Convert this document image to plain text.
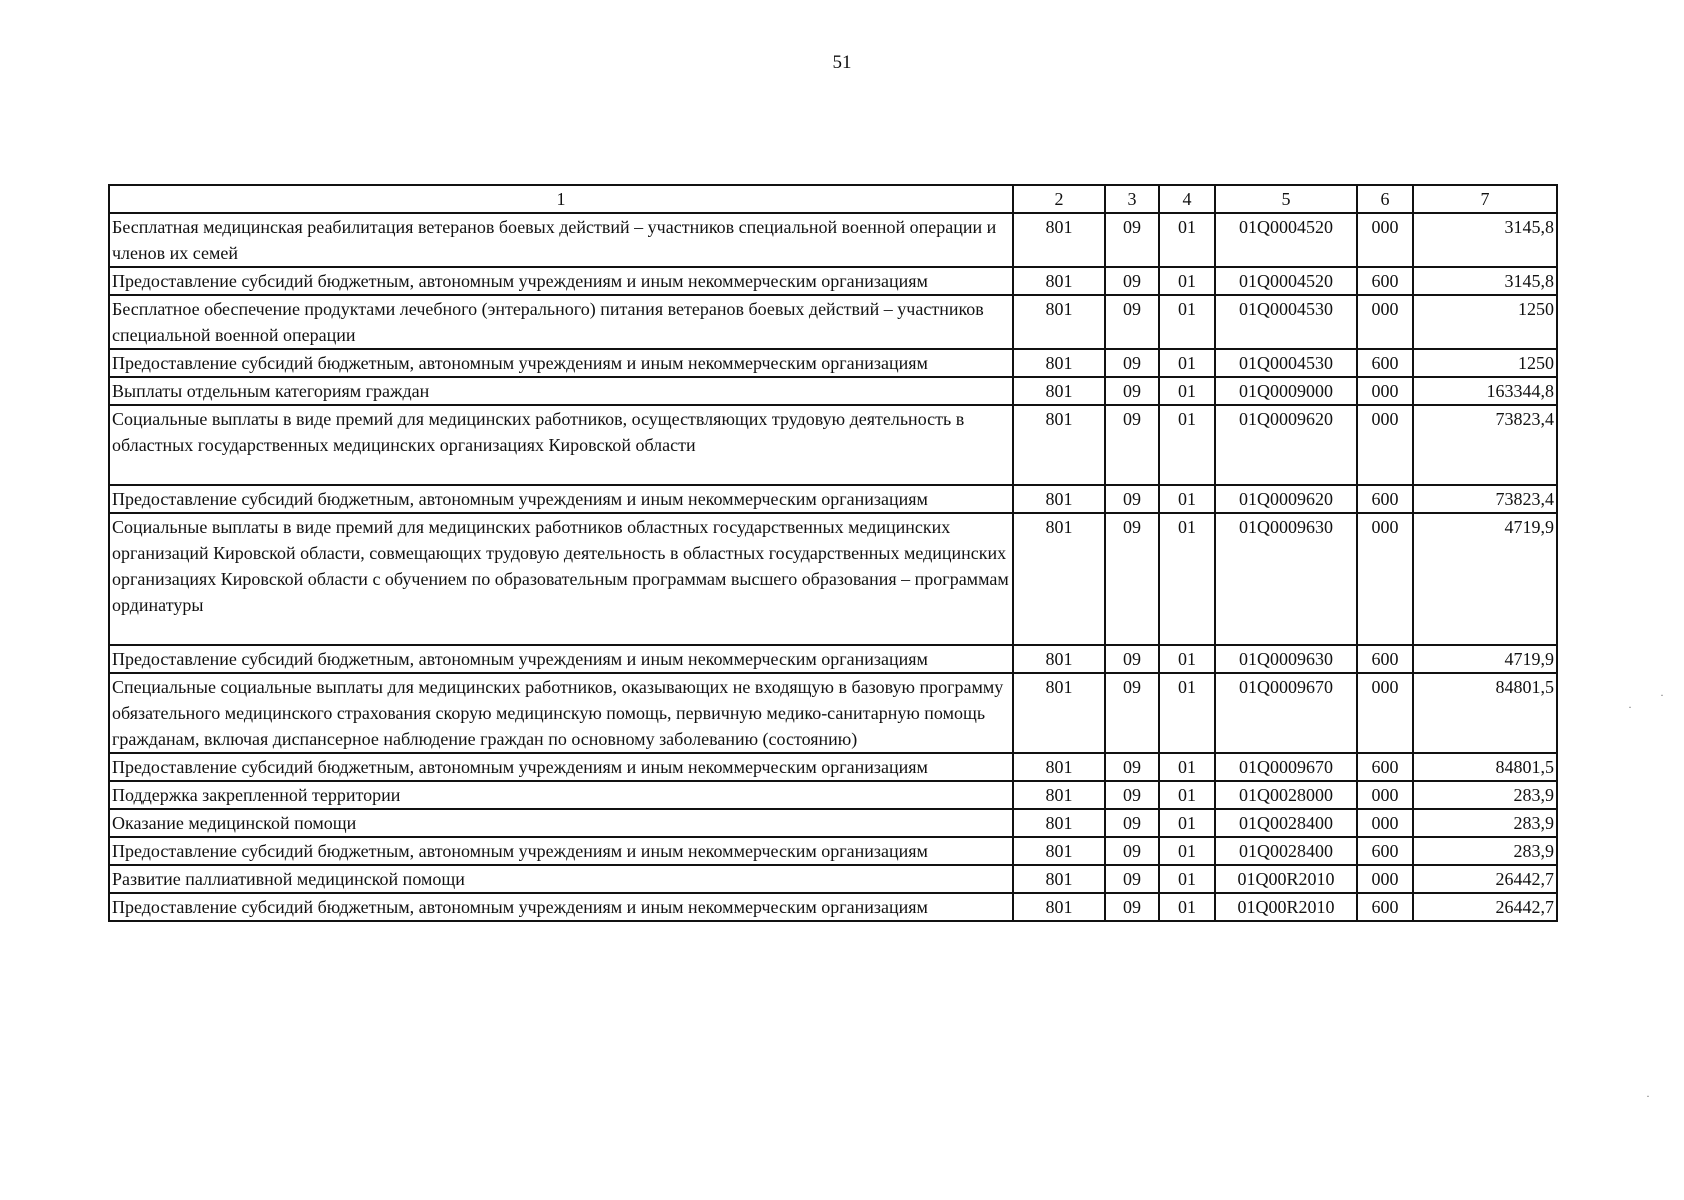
51
1	2	3	4	5	6	7
Бесплатная медицинская реабилитация ветеранов боевых действий – участников специальной военной операции и членов их семей	801	09	01	01Q0004520	000	3145,8
Предоставление субсидий бюджетным, автономным учреждениям и иным некоммерческим организациям	801	09	01	01Q0004520	600	3145,8
Бесплатное обеспечение продуктами лечебного (энтерального) питания ветеранов боевых действий – участников специальной военной операции	801	09	01	01Q0004530	000	1250
Предоставление субсидий бюджетным, автономным учреждениям и иным некоммерческим организациям	801	09	01	01Q0004530	600	1250
Выплаты отдельным категориям граждан	801	09	01	01Q0009000	000	163344,8
Социальные выплаты в виде премий для медицинских работников, осуществляющих трудовую деятельность в областных государственных медицинских организациях Кировской области	801	09	01	01Q0009620	000	73823,4
Предоставление субсидий бюджетным, автономным учреждениям и иным некоммерческим организациям	801	09	01	01Q0009620	600	73823,4
Социальные выплаты в виде премий для медицинских работников областных государственных медицинских организаций Кировской области, совмещающих трудовую деятельность в областных государственных медицинских организациях Кировской области с обучением по образовательным программам высшего образования – программам ординатуры	801	09	01	01Q0009630	000	4719,9
Предоставление субсидий бюджетным, автономным учреждениям и иным некоммерческим организациям	801	09	01	01Q0009630	600	4719,9
Специальные социальные выплаты для медицинских работников, оказывающих не входящую в базовую программу обязательного медицинского страхования скорую медицинскую помощь, первичную медико-санитарную помощь гражданам, включая диспансерное наблюдение граждан по основному заболеванию (состоянию)	801	09	01	01Q0009670	000	84801,5
Предоставление субсидий бюджетным, автономным учреждениям и иным некоммерческим организациям	801	09	01	01Q0009670	600	84801,5
Поддержка закрепленной территории	801	09	01	01Q0028000	000	283,9
Оказание медицинской помощи	801	09	01	01Q0028400	000	283,9
Предоставление субсидий бюджетным, автономным учреждениям и иным некоммерческим организациям	801	09	01	01Q0028400	600	283,9
Развитие паллиативной медицинской помощи	801	09	01	01Q00R2010	000	26442,7
Предоставление субсидий бюджетным, автономным учреждениям и иным некоммерческим организациям	801	09	01	01Q00R2010	600	26442,7
·
·
·
